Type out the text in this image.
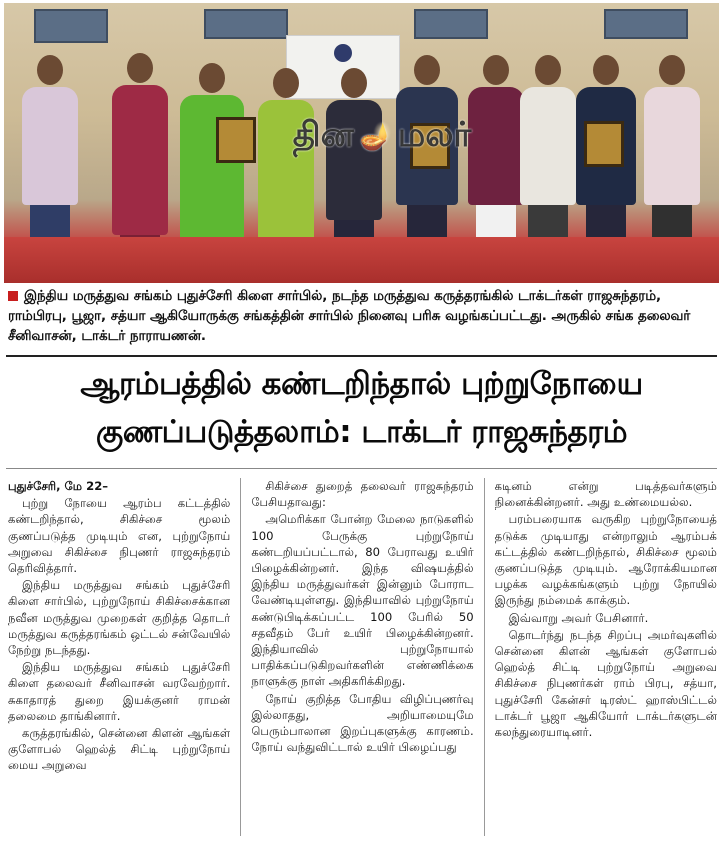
தின 🪔 மலர்
இந்திய மருத்துவ சங்கம் புதுச்சேரி கிளை சார்பில், நடந்த மருத்துவ கருத்தரங்கில் டாக்டர்கள் ராஜசுந்தரம், ராம்பிரபு, பூஜா, சத்யா ஆகியோருக்கு சங்கத்தின் சார்பில் நினைவு பரிசு வழங்கப்பட்டது. அருகில் சங்க தலைவர் சீனிவாசன், டாக்டர் நாராயணன்.
ஆரம்பத்தில் கண்டறிந்தால் புற்றுநோயை
குணப்படுத்தலாம்: டாக்டர் ராஜசுந்தரம்

புதுச்சேரி, மே 22–

புற்று நோயை ஆரம்ப கட்டத்தில் கண்டறிந்தால், சிகிச்சை மூலம் குணப்படுத்த முடியும் என, புற்றுநோய் அறுவை சிகிச்சை நிபுணர் ராஜசுந்தரம் தெரிவித்தார்.

இந்திய மருத்துவ சங்கம் புதுச்சேரி கிளை சார்பில், புற்றுநோய் சிகிச்சைக்கான நவீன மருத்துவ முறைகள் குறித்த தொடர் மருத்துவ கருத்தரங்கம் ஒட்டல் சன்வேயில் நேற்று நடந்தது.

இந்திய மருத்துவ சங்கம் புதுச்சேரி கிளை தலைவர் சீனிவாசன் வரவேற்றார். சுகாதாரத் துறை இயக்குனர் ராமன் தலைமை தாங்கினார்.

கருத்தரங்கில், சென்னை கிளன் ஆங்கள் குளோபல் ஹெல்த் சிட்டி புற்றுநோய் மைய அறுவை

சிகிச்சை துறைத் தலைவர் ராஜசுந்தரம் பேசியதாவது:

அமெரிக்கா போன்ற மேலை நாடுகளில் 100 பேருக்கு புற்றுநோய் கண்டறியப்பட்டால், 80 பேராவது உயிர் பிழைக்கின்றனர். இந்த விஷயத்தில் இந்திய மருத்துவர்கள் இன்னும் போராட வேண்டியுள்ளது. இந்தியாவில் புற்றுநோய் கண்டுபிடிக்கப்பட்ட 100 பேரில் 50 சதவீதம் பேர் உயிர் பிழைக்கின்றனர். இந்தியாவில் புற்றுநோயால் பாதிக்கப்படுகிறவர்களின் எண்ணிக்கை நாளுக்கு நாள் அதிகரிக்கிறது.

நோய் குறித்த போதிய விழிப்புணர்வு இல்லாதது, அறியாமையுமே பெரும்பாலான இறப்புகளுக்கு காரணம். நோய் வந்துவிட்டால் உயிர் பிழைப்பது

கடினம் என்று படித்தவர்களும் நினைக்கின்றனர். அது உண்மையல்ல.

பரம்பரையாக வருகிற புற்றுநோயைத் தடுக்க முடியாது என்றாலும் ஆரம்பக் கட்டத்தில் கண்டறிந்தால், சிகிச்சை மூலம் குணப்படுத்த முடியும். ஆரோக்கியமான பழக்க வழக்கங்களும் புற்று நோயில் இருந்து நம்மைக் காக்கும்.

இவ்வாறு அவர் பேசினார்.

தொடர்ந்து நடந்த சிறப்பு அமர்வுகளில் சென்னை கிளன் ஆங்கள் குளோபல் ஹெல்த் சிட்டி புற்றுநோய் அறுவை சிகிச்சை நிபுணர்கள் ராம் பிரபு, சத்யா, புதுச்சேரி கேன்சர் டிரஸ்ட் ஹாஸ்பிட்டல் டாக்டர் பூஜா ஆகியோர் டாக்டர்களுடன் கலந்துரையாடினர்.
